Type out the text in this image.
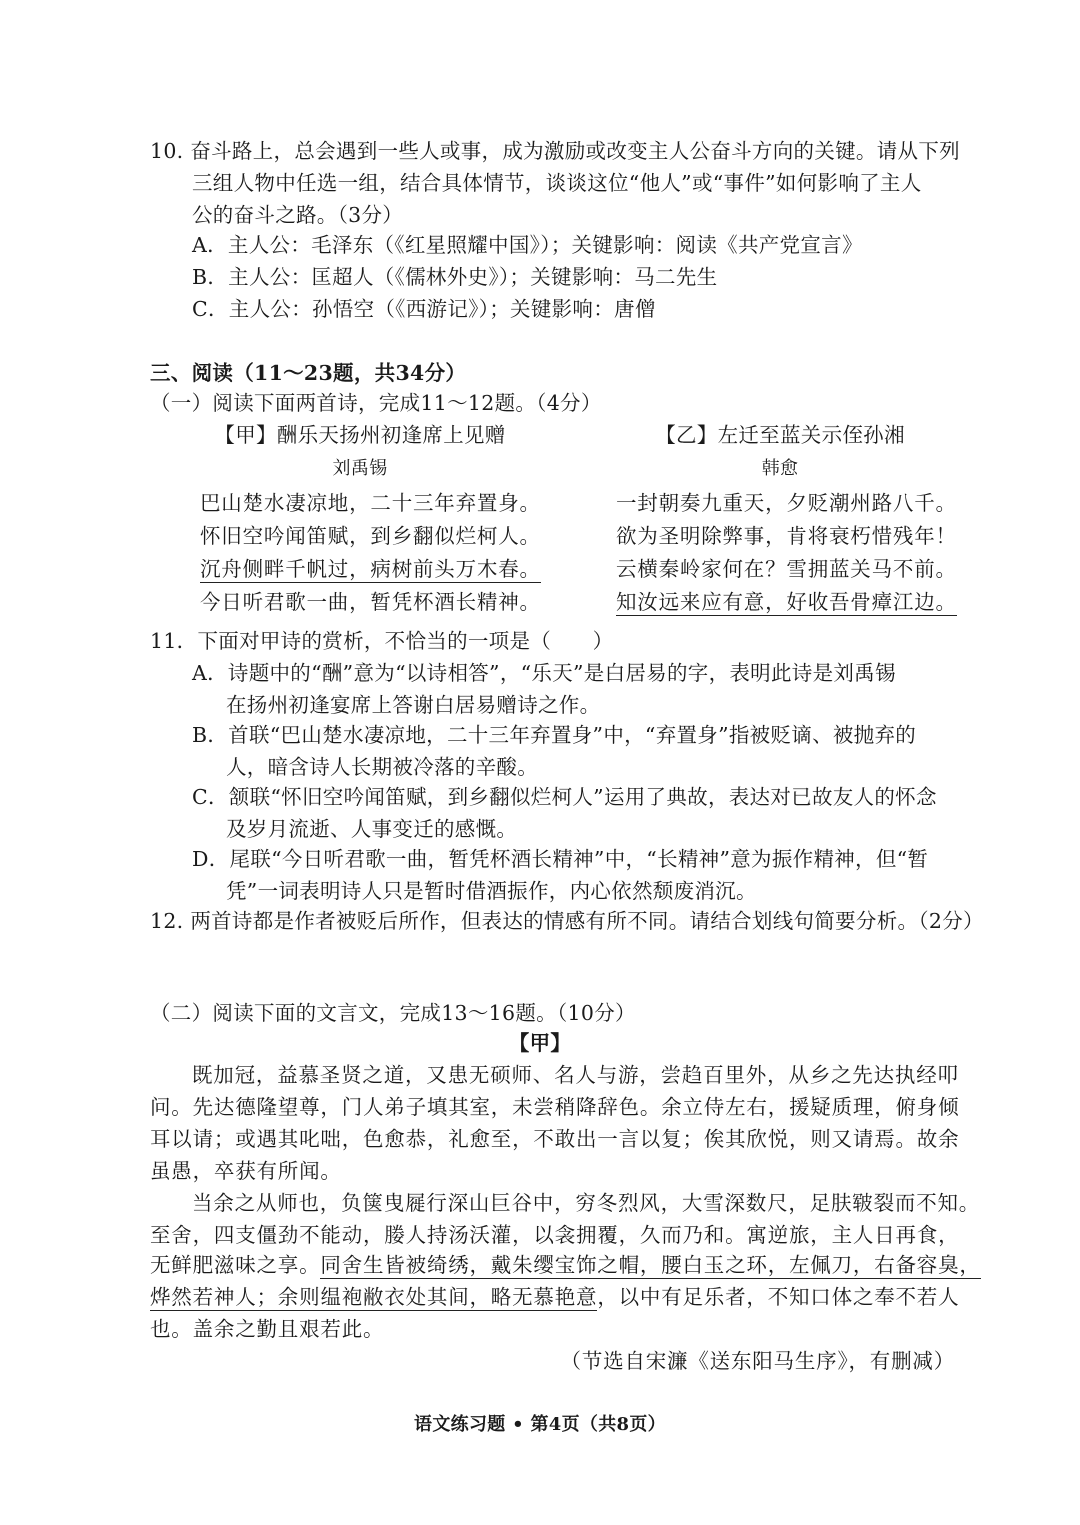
10. 奋斗路上，总会遇到一些人或事，成为激励或改变主人公奋斗方向的关键。请从下列
三组人物中任选一组，结合具体情节，谈谈这位“他人”或“事件”如何影响了主人
公的奋斗之路。（3分）
A．主人公：毛泽东（《红星照耀中国》）；关键影响：阅读《共产党宣言》
B．主人公：匡超人（《儒林外史》）；关键影响：马二先生
C．主人公：孙悟空（《西游记》）；关键影响：唐僧
三、阅读（11～23题，共34分）
（一）阅读下面两首诗，完成11～12题。（4分）
【甲】酬乐天扬州初逢席上见赠
刘禹锡
巴山楚水凄凉地，二十三年弃置身。
怀旧空吟闻笛赋，到乡翻似烂柯人。
沉舟侧畔千帆过，病树前头万木春。
今日听君歌一曲，暂凭杯酒长精神。
【乙】左迁至蓝关示侄孙湘
韩愈
一封朝奏九重天，夕贬潮州路八千。
欲为圣明除弊事，肯将衰朽惜残年！
云横秦岭家何在？雪拥蓝关马不前。
知汝远来应有意，好收吾骨瘴江边。
11．下面对甲诗的赏析，不恰当的一项是（　　）
A．诗题中的“酬”意为“以诗相答”，“乐天”是白居易的字，表明此诗是刘禹锡
在扬州初逢宴席上答谢白居易赠诗之作。
B．首联“巴山楚水凄凉地，二十三年弃置身”中，“弃置身”指被贬谪、被抛弃的
人，暗含诗人长期被冷落的辛酸。
C．颔联“怀旧空吟闻笛赋，到乡翻似烂柯人”运用了典故，表达对已故友人的怀念
及岁月流逝、人事变迁的感慨。
D．尾联“今日听君歌一曲，暂凭杯酒长精神”中，“长精神”意为振作精神，但“暂
凭”一词表明诗人只是暂时借酒振作，内心依然颓废消沉。
12. 两首诗都是作者被贬后所作，但表达的情感有所不同。请结合划线句简要分析。（2分）
（二）阅读下面的文言文，完成13～16题。（10分）
【甲】
既加冠，益慕圣贤之道，又患无硕师、名人与游，尝趋百里外，从乡之先达执经叩
问。先达德隆望尊，门人弟子填其室，未尝稍降辞色。余立侍左右，援疑质理，俯身倾
耳以请；或遇其叱咄，色愈恭，礼愈至，不敢出一言以复；俟其欣悦，则又请焉。故余
虽愚，卒获有所闻。
当余之从师也，负箧曳屣行深山巨谷中，穷冬烈风，大雪深数尺，足肤皲裂而不知。
至舍，四支僵劲不能动，媵人持汤沃灌，以衾拥覆，久而乃和。寓逆旅，主人日再食，
无鲜肥滋味之享。同舍生皆被绮绣，戴朱缨宝饰之帽，腰白玉之环，左佩刀，右备容臭，
烨然若神人；余则缊袍敝衣处其间，略无慕艳意，以中有足乐者，不知口体之奉不若人
也。盖余之勤且艰若此。
（节选自宋濂《送东阳马生序》，有删减）
语文练习题 • 第4页（共8页）
